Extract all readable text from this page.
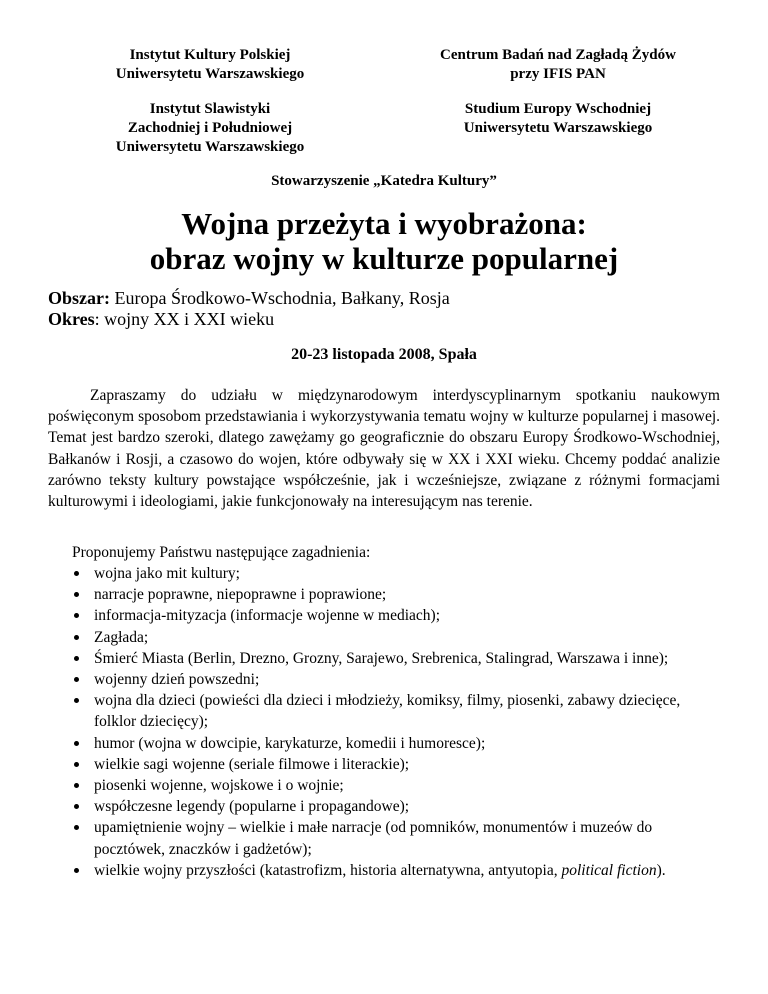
Instytut Kultury Polskiej
Uniwersytetu Warszawskiego
Centrum Badań nad Zagładą Żydów
przy IFIS PAN
Instytut Slawistyki
Zachodniej i Południowej
Uniwersytetu Warszawskiego
Studium Europy Wschodniej
Uniwersytetu Warszawskiego
Stowarzyszenie „Katedra Kultury”
Wojna przeżyta i wyobrażona:
obraz wojny w kulturze popularnej
Obszar: Europa Środkowo-Wschodnia, Bałkany, Rosja
Okres: wojny XX i XXI wieku
20-23 listopada 2008, Spała
Zapraszamy do udziału w międzynarodowym interdyscyplinarnym spotkaniu naukowym poświęconym sposobom przedstawiania i wykorzystywania tematu wojny w kulturze popularnej i masowej. Temat jest bardzo szeroki, dlatego zawężamy go geograficznie do obszaru Europy Środkowo-Wschodniej, Bałkanów i Rosji, a czasowo do wojen, które odbywały się w XX i XXI wieku. Chcemy poddać analizie zarówno teksty kultury powstające współcześnie, jak i wcześniejsze, związane z różnymi formacjami kulturowymi i ideologiami, jakie funkcjonowały na interesującym nas terenie.
Proponujemy Państwu następujące zagadnienia:
wojna jako mit kultury;
narracje poprawne, niepoprawne i poprawione;
informacja-mityzacja (informacje wojenne w mediach);
Zagłada;
Śmierć Miasta (Berlin, Drezno, Grozny, Sarajewo, Srebrenica, Stalingrad, Warszawa i inne);
wojenny dzień powszedni;
wojna dla dzieci (powieści dla dzieci i młodzieży, komiksy, filmy, piosenki, zabawy dziecięce, folklor dziecięcy);
humor (wojna w dowcipie, karykaturze, komedii i humoresce);
wielkie sagi wojenne (seriale filmowe i literackie);
piosenki wojenne, wojskowe i o wojnie;
współczesne legendy (popularne i propagandowe);
upamiętnienie wojny – wielkie i małe narracje (od pomników, monumentów i muzeów do pocztówek, znaczków i gadżetów);
wielkie wojny przyszłości (katastrofizm, historia alternatywna, antyutopia, political fiction).
